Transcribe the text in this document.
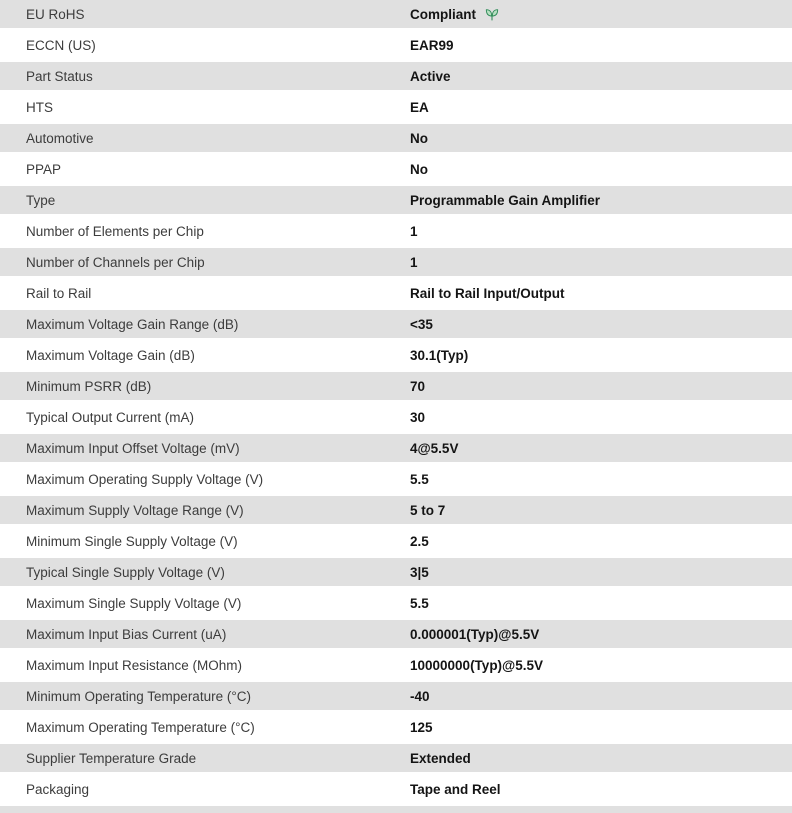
EU RoHS	Compliant
ECCN (US)	EAR99
Part Status	Active
HTS	EA
Automotive	No
PPAP	No
Type	Programmable Gain Amplifier
Number of Elements per Chip	1
Number of Channels per Chip	1
Rail to Rail	Rail to Rail Input/Output
Maximum Voltage Gain Range (dB)	<35
Maximum Voltage Gain (dB)	30.1(Typ)
Minimum PSRR (dB)	70
Typical Output Current (mA)	30
Maximum Input Offset Voltage (mV)	4@5.5V
Maximum Operating Supply Voltage (V)	5.5
Maximum Supply Voltage Range (V)	5 to 7
Minimum Single Supply Voltage (V)	2.5
Typical Single Supply Voltage (V)	3|5
Maximum Single Supply Voltage (V)	5.5
Maximum Input Bias Current (uA)	0.000001(Typ)@5.5V
Maximum Input Resistance (MOhm)	10000000(Typ)@5.5V
Minimum Operating Temperature (°C)	-40
Maximum Operating Temperature (°C)	125
Supplier Temperature Grade	Extended
Packaging	Tape and Reel
